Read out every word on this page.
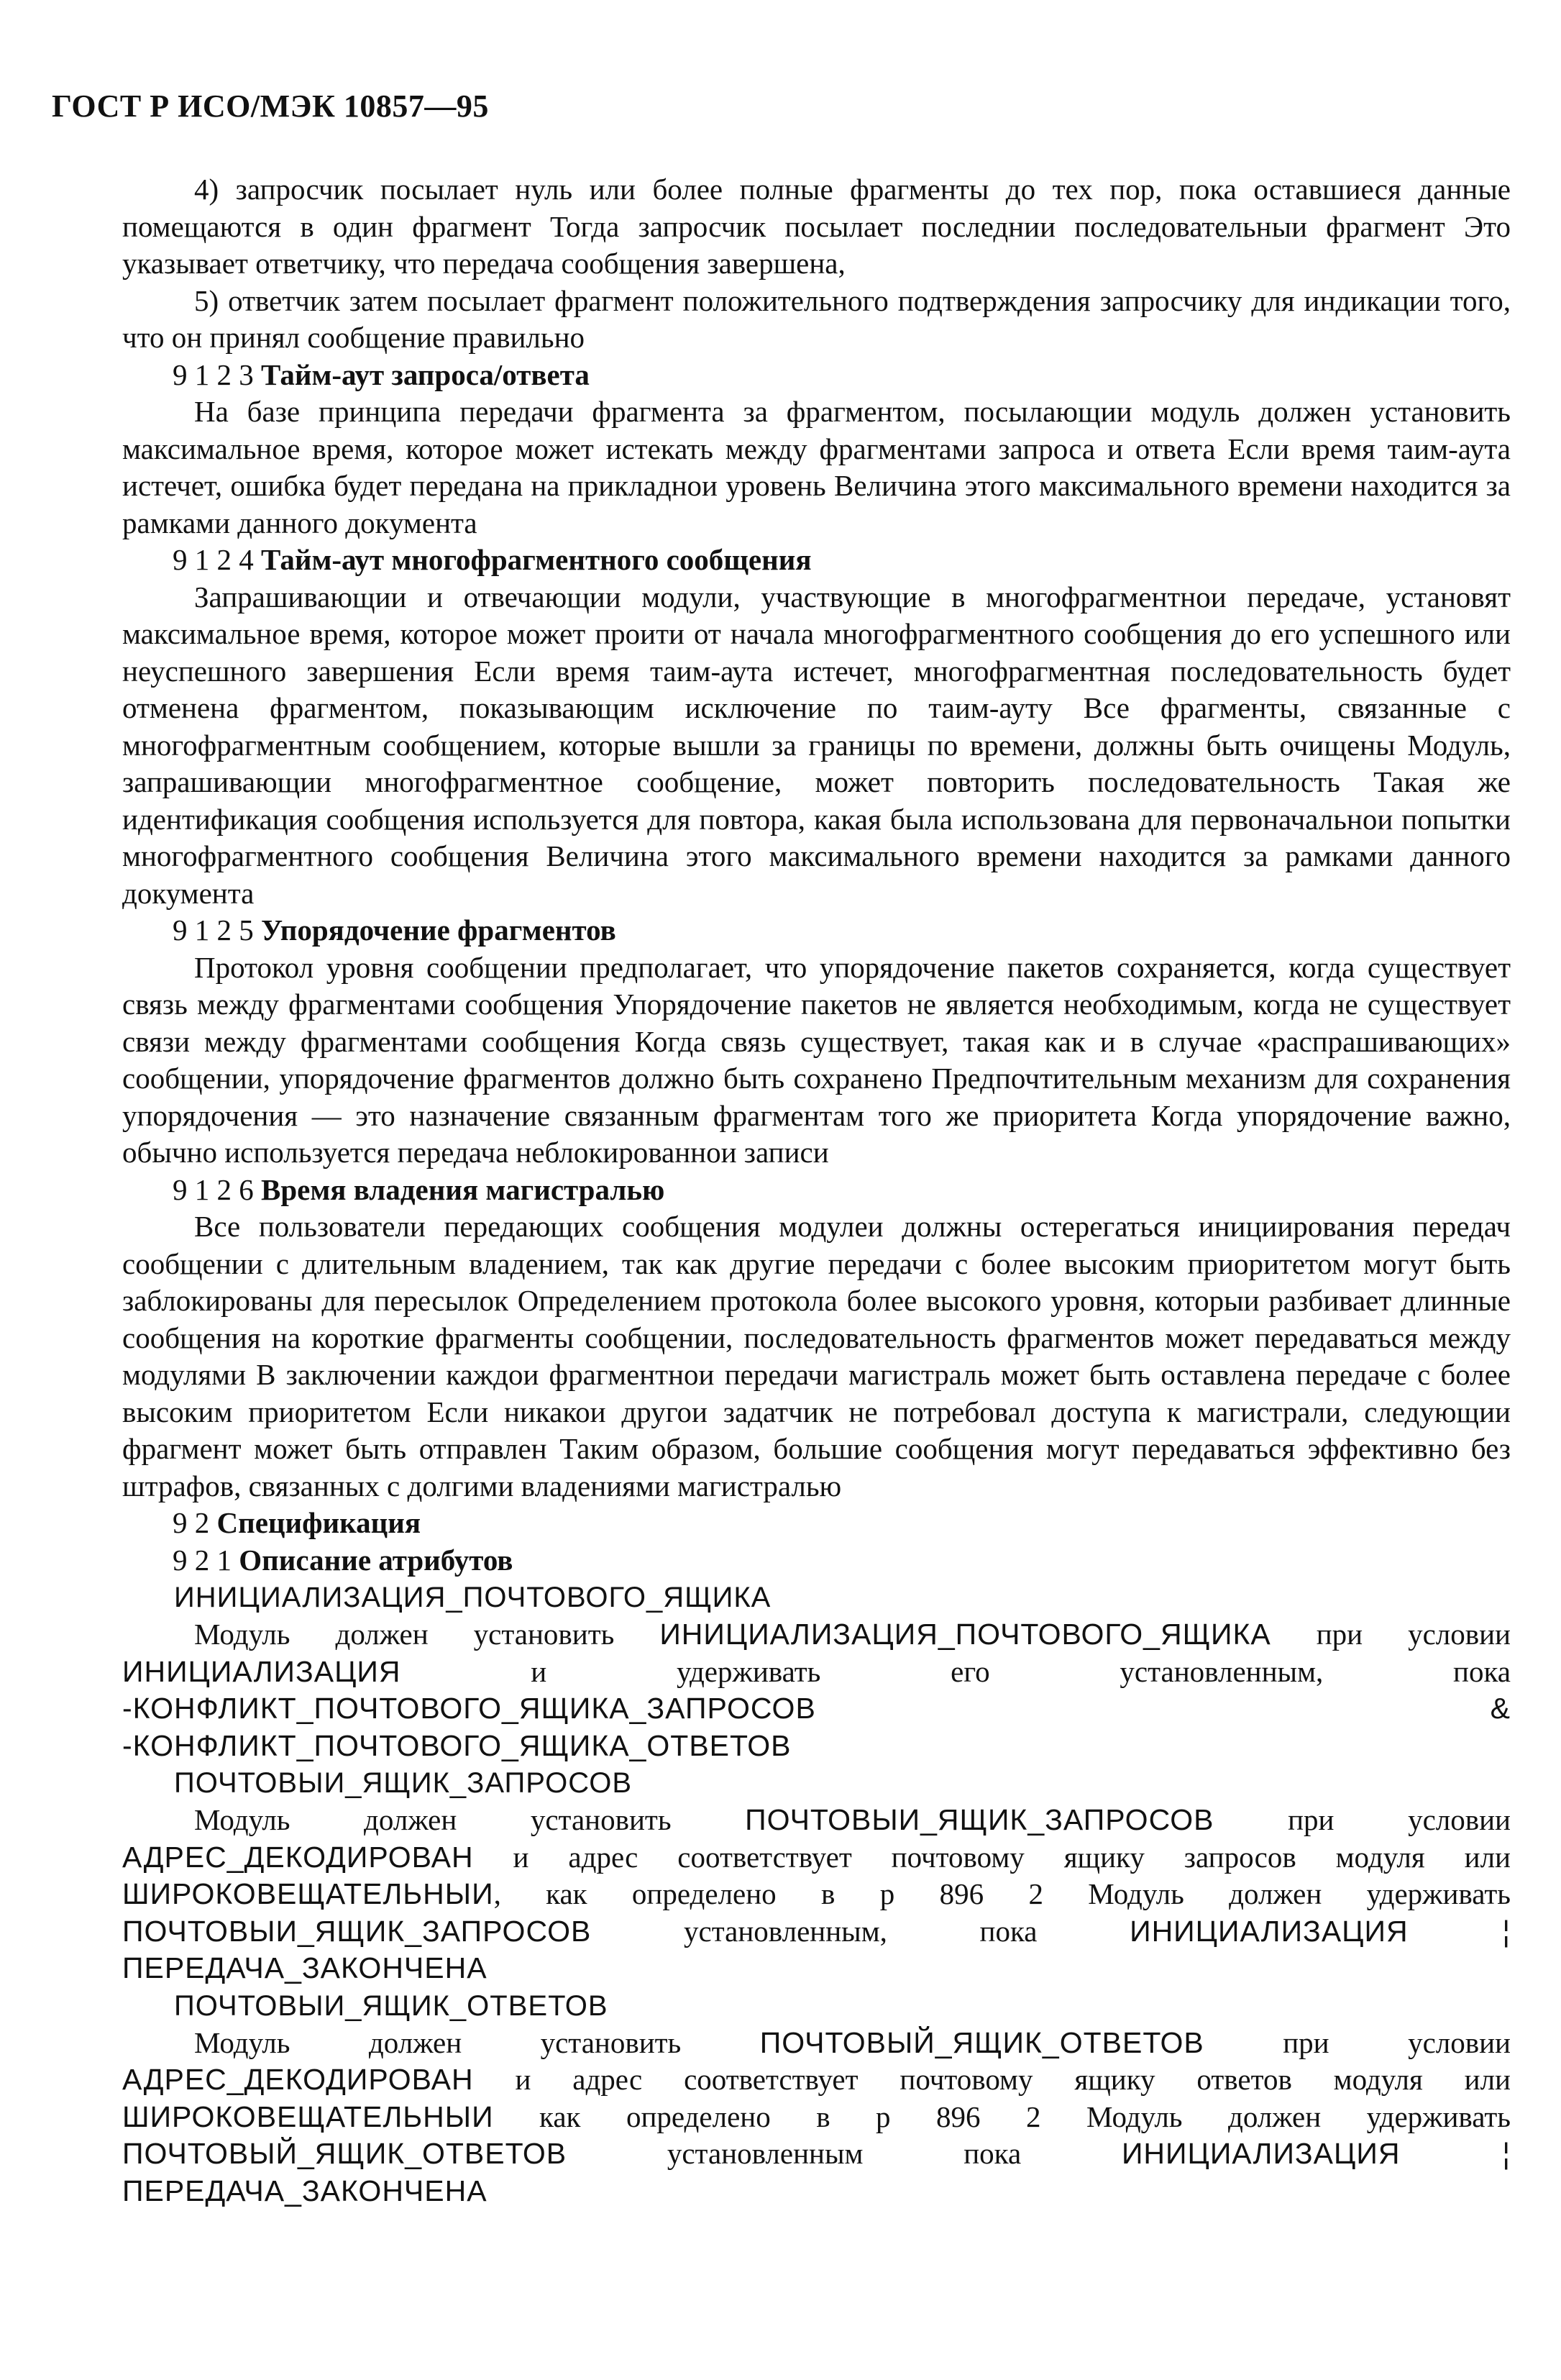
ГОСТ Р ИСО/МЭК 10857—95

4) запросчик посылает нуль или более полные фрагменты до тех пор, пока оставшиеся данные помещаются в один фрагмент Тогда запросчик посылает последнии последовательныи фрагмент Это указывает ответчику, что передача сообщения завершена,

5) ответчик затем посылает фрагмент положительного подтверждения запросчику для индикации того, что он принял сообщение правильно

9 1 2 3 Тайм-аут запроса/ответа

На базе принципа передачи фрагмента за фрагментом, посылающии модуль должен установить максимальное время, которое может истекать между фрагментами запроса и ответа Если время таим-аута истечет, ошибка будет передана на прикладнои уровень Величина этого максимального времени находится за рамками данного документа

9 1 2 4 Тайм-аут многофрагментного сообщения

Запрашивающии и отвечающии модули, участвующие в многофрагментнои передаче, установят максимальное время, которое может проити от начала многофрагментного сообщения до его успешного или неуспешного завершения Если время таим-аута истечет, многофрагментная последовательность будет отменена фрагментом, показывающим исключение по таим-ауту Все фрагменты, связанные с многофрагментным сообщением, которые вышли за границы по времени, должны быть очищены Модуль, запрашивающии многофрагментное сообщение, может повторить последовательность Такая же идентификация сообщения используется для повтора, какая была использована для первоначальнои попытки многофрагментного сообщения Величина этого максимального времени находится за рамками данного документа

9 1 2 5 Упорядочение фрагментов

Протокол уровня сообщении предполагает, что упорядочение пакетов сохраняется, когда существует связь между фрагментами сообщения Упорядочение пакетов не является необходимым, когда не существует связи между фрагментами сообщения Когда связь существует, такая как и в случае «распрашивающих» сообщении, упорядочение фрагментов должно быть сохранено Предпочтительным механизм для сохранения упорядочения — это назначение связанным фрагментам того же приоритета Когда упорядочение важно, обычно используется передача неблокированнои записи

9 1 2 6 Время владения магистралью

Все пользователи передающих сообщения модулеи должны остерегаться инициирования передач сообщении с длительным владением, так как другие передачи с более высоким приоритетом могут быть заблокированы для пересылок Определением протокола более высокого уровня, которыи разбивает длинные сообщения на короткие фрагменты сообщении, последовательность фрагментов может передаваться между модулями В заключении каждои фрагментнои передачи магистраль может быть оставлена передаче с более высоким приоритетом Если никакои другои задатчик не потребовал доступа к магистрали, следующии фрагмент может быть отправлен Таким образом, большие сообщения могут передаваться эффективно без штрафов, связанных с долгими владениями магистралью

9 2 Спецификация
9 2 1 Описание атрибутов
ИНИЦИАЛИЗАЦИЯ_ПОЧТОВОГО_ЯЩИКА

Модуль должен установить ИНИЦИАЛИЗАЦИЯ_ПОЧТОВОГО_ЯЩИКА при условии ИНИЦИАЛИЗАЦИЯ и удерживать его установленным, пока -КОНФЛИКТ_ПОЧТОВОГО_ЯЩИКА_ЗАПРОСОВ & -КОНФЛИКТ_ПОЧТОВОГО_ЯЩИКА_ОТВЕТОВ

ПОЧТОВЫИ_ЯЩИК_ЗАПРОСОВ

Модуль должен установить ПОЧТОВЫИ_ЯЩИК_ЗАПРОСОВ при условии АДРЕС_ДЕКОДИРОВАН и адрес соответствует почтовому ящику запросов модуля или ШИРОКОВЕЩАТЕЛЬНЫИ, как определено в р 896 2 Модуль должен удерживать ПОЧТОВЫИ_ЯЩИК_ЗАПРОСОВ установленным, пока ИНИЦИАЛИЗАЦИЯ ¦ ПЕРЕДАЧА_ЗАКОНЧЕНА

ПОЧТОВЫИ_ЯЩИК_ОТВЕТОВ

Модуль должен установить ПОЧТОВЫЙ_ЯЩИК_ОТВЕТОВ при условии АДРЕС_ДЕКОДИРОВАН и адрес соответствует почтовому ящику ответов модуля или ШИРОКОВЕЩАТЕЛЬНЫИ как определено в р 896 2 Модуль должен удерживать ПОЧТОВЫЙ_ЯЩИК_ОТВЕТОВ установленным пока ИНИЦИАЛИЗАЦИЯ ¦ ПЕРЕДАЧА_ЗАКОНЧЕНА
